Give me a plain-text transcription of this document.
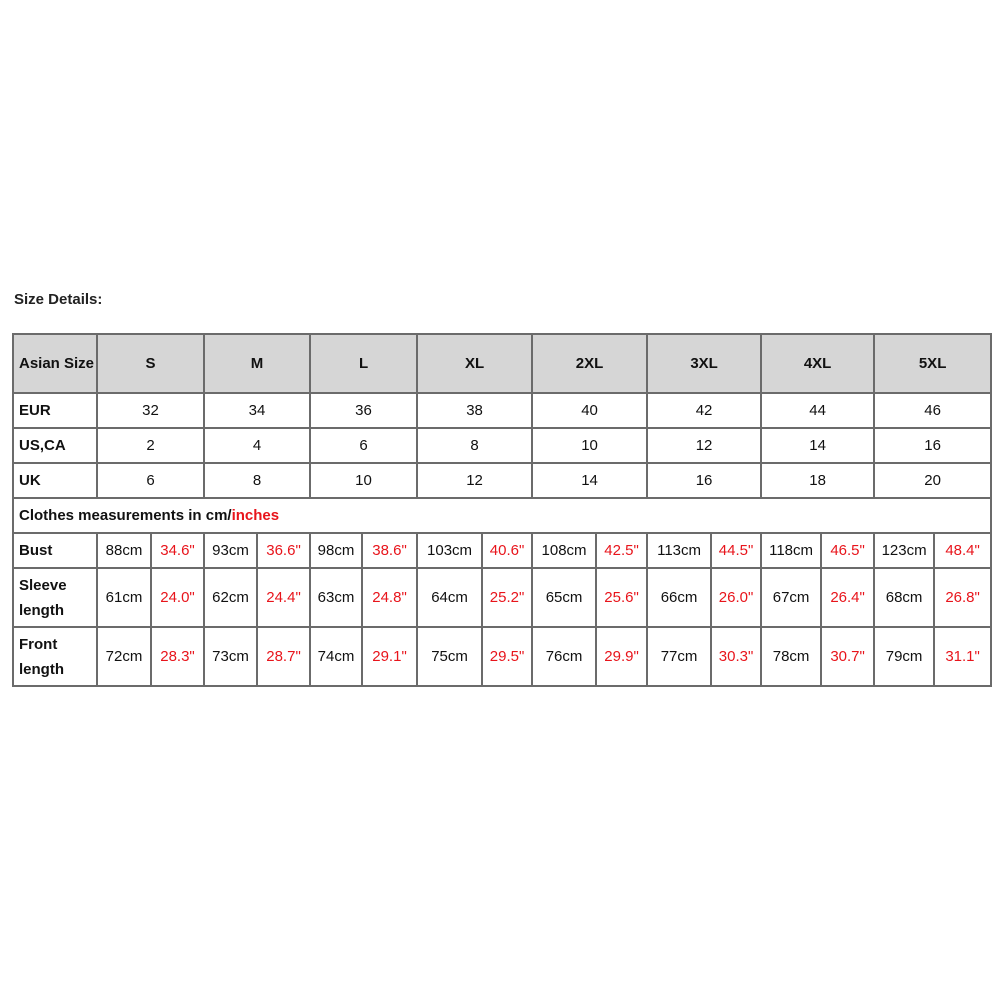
Size Details:
Asian Size	S		M		L		XL		2XL		3XL		4XL		5XL	
EUR	32		34		36		38		40		42		44		46	
US,CA	2		4		6		8		10		12		14		16	
UK	6		8		10		12		14		16		18		20	
Clothes measurements in cm/inches																
Bust	88cm	34.6"	93cm	36.6"	98cm	38.6"	103cm	40.6"	108cm	42.5"	113cm	44.5"	118cm	46.5"	123cm	48.4"
Sleeve length	61cm	24.0"	62cm	24.4"	63cm	24.8"	64cm	25.2"	65cm	25.6"	66cm	26.0"	67cm	26.4"	68cm	26.8"
Front length	72cm	28.3"	73cm	28.7"	74cm	29.1"	75cm	29.5"	76cm	29.9"	77cm	30.3"	78cm	30.7"	79cm	31.1"
